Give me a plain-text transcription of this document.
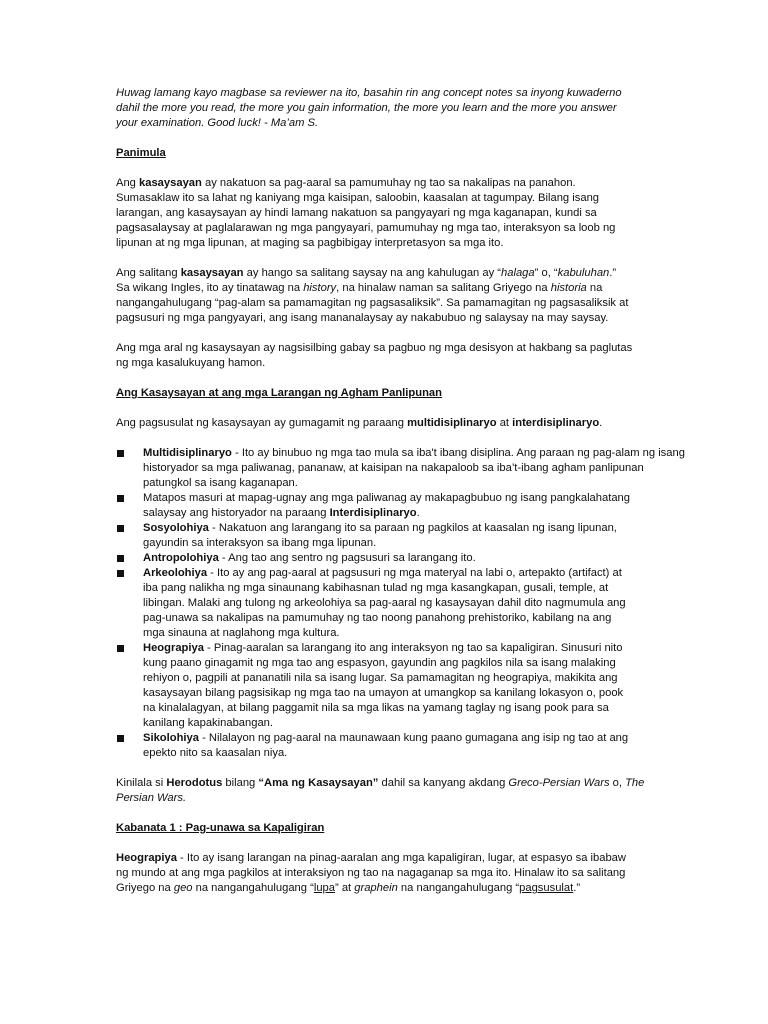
Huwag lamang kayo magbase sa reviewer na ito, basahin rin ang concept notes sa inyong kuwaderno

dahil the more you read, the more you gain information, the more you learn and the more you answer

your examination. Good luck! - Ma’am S.

Panimula

Ang kasaysayan ay nakatuon sa pag-aaral sa pamumuhay ng tao sa nakalipas na panahon.

Sumasaklaw ito sa lahat ng kaniyang mga kaisipan, saloobin, kaasalan at tagumpay. Bilang isang

larangan, ang kasaysayan ay hindi lamang nakatuon sa pangyayari ng mga kaganapan, kundi sa

pagsasalaysay at paglalarawan ng mga pangyayari, pamumuhay ng mga tao, interaksyon sa loob ng

lipunan at ng mga lipunan, at maging sa pagbibigay interpretasyon sa mga ito.

Ang salitang kasaysayan ay hango sa salitang saysay na ang kahulugan ay “halaga” o, “kabuluhan.”

Sa wikang Ingles, ito ay tinatawag na history, na hinalaw naman sa salitang Griyego na historia na

nangangahulugang “pag-alam sa pamamagitan ng pagsasaliksik”. Sa pamamagitan ng pagsasaliksik at

pagsusuri ng mga pangyayari, ang isang mananalaysay ay nakabubuo ng salaysay na may saysay.

Ang mga aral ng kasaysayan ay nagsisilbing gabay sa pagbuo ng mga desisyon at hakbang sa paglutas

ng mga kasalukuyang hamon.

Ang Kasaysayan at ang mga Larangan ng Agham Panlipunan

Ang pagsusulat ng kasaysayan ay gumagamit ng paraang multidisiplinaryo at interdisiplinaryo.

Multidisiplinaryo - Ito ay binubuo ng mga tao mula sa iba't ibang disiplina. Ang paraan ng pag-alam ng isang

historyador sa mga paliwanag, pananaw, at kaisipan na nakapaloob sa iba’t-ibang agham panlipunan

patungkol sa isang kaganapan.

Matapos masuri at mapag-ugnay ang mga paliwanag ay makapagbubuo ng isang pangkalahatang

salaysay ang historyador na paraang Interdisiplinaryo.

Sosyolohiya - Nakatuon ang larangang ito sa paraan ng pagkilos at kaasalan ng isang lipunan,

gayundin sa interaksyon sa ibang mga lipunan.

Antropolohiya - Ang tao ang sentro ng pagsusuri sa larangang ito.

Arkeolohiya - Ito ay ang pag-aaral at pagsusuri ng mga materyal na labi o, artepakto (artifact) at

iba pang nalikha ng mga sinaunang kabihasnan tulad ng mga kasangkapan, gusali, temple, at

libingan. Malaki ang tulong ng arkeolohiya sa pag-aaral ng kasaysayan dahil dito nagmumula ang

pag-unawa sa nakalipas na pamumuhay ng tao noong panahong prehistoriko, kabilang na ang

mga sinauna at naglahong mga kultura.

Heograpiya - Pinag-aaralan sa larangang ito ang interaksyon ng tao sa kapaligiran. Sinusuri nito

kung paano ginagamit ng mga tao ang espasyon, gayundin ang pagkilos nila sa isang malaking

rehiyon o, pagpili at pananatili nila sa isang lugar. Sa pamamagitan ng heograpiya, makikita ang

kasaysayan bilang pagsisikap ng mga tao na umayon at umangkop sa kanilang lokasyon o, pook

na kinalalagyan, at bilang paggamit nila sa mga likas na yamang taglay ng isang pook para sa

kanilang kapakinabangan.

Sikolohiya - Nilalayon ng pag-aaral na maunawaan kung paano gumagana ang isip ng tao at ang

epekto nito sa kaasalan niya.

Kinilala si Herodotus bilang “Ama ng Kasaysayan” dahil sa kanyang akdang Greco-Persian Wars o, The

Persian Wars.

Kabanata 1 : Pag-unawa sa Kapaligiran

Heograpiya - Ito ay isang larangan na pinag-aaralan ang mga kapaligiran, lugar, at espasyo sa ibabaw

ng mundo at ang mga pagkilos at interaksiyon ng tao na nagaganap sa mga ito. Hinalaw ito sa salitang

Griyego na geo na nangangahulugang “lupa” at graphein na nangangahulugang “pagsusulat.”
